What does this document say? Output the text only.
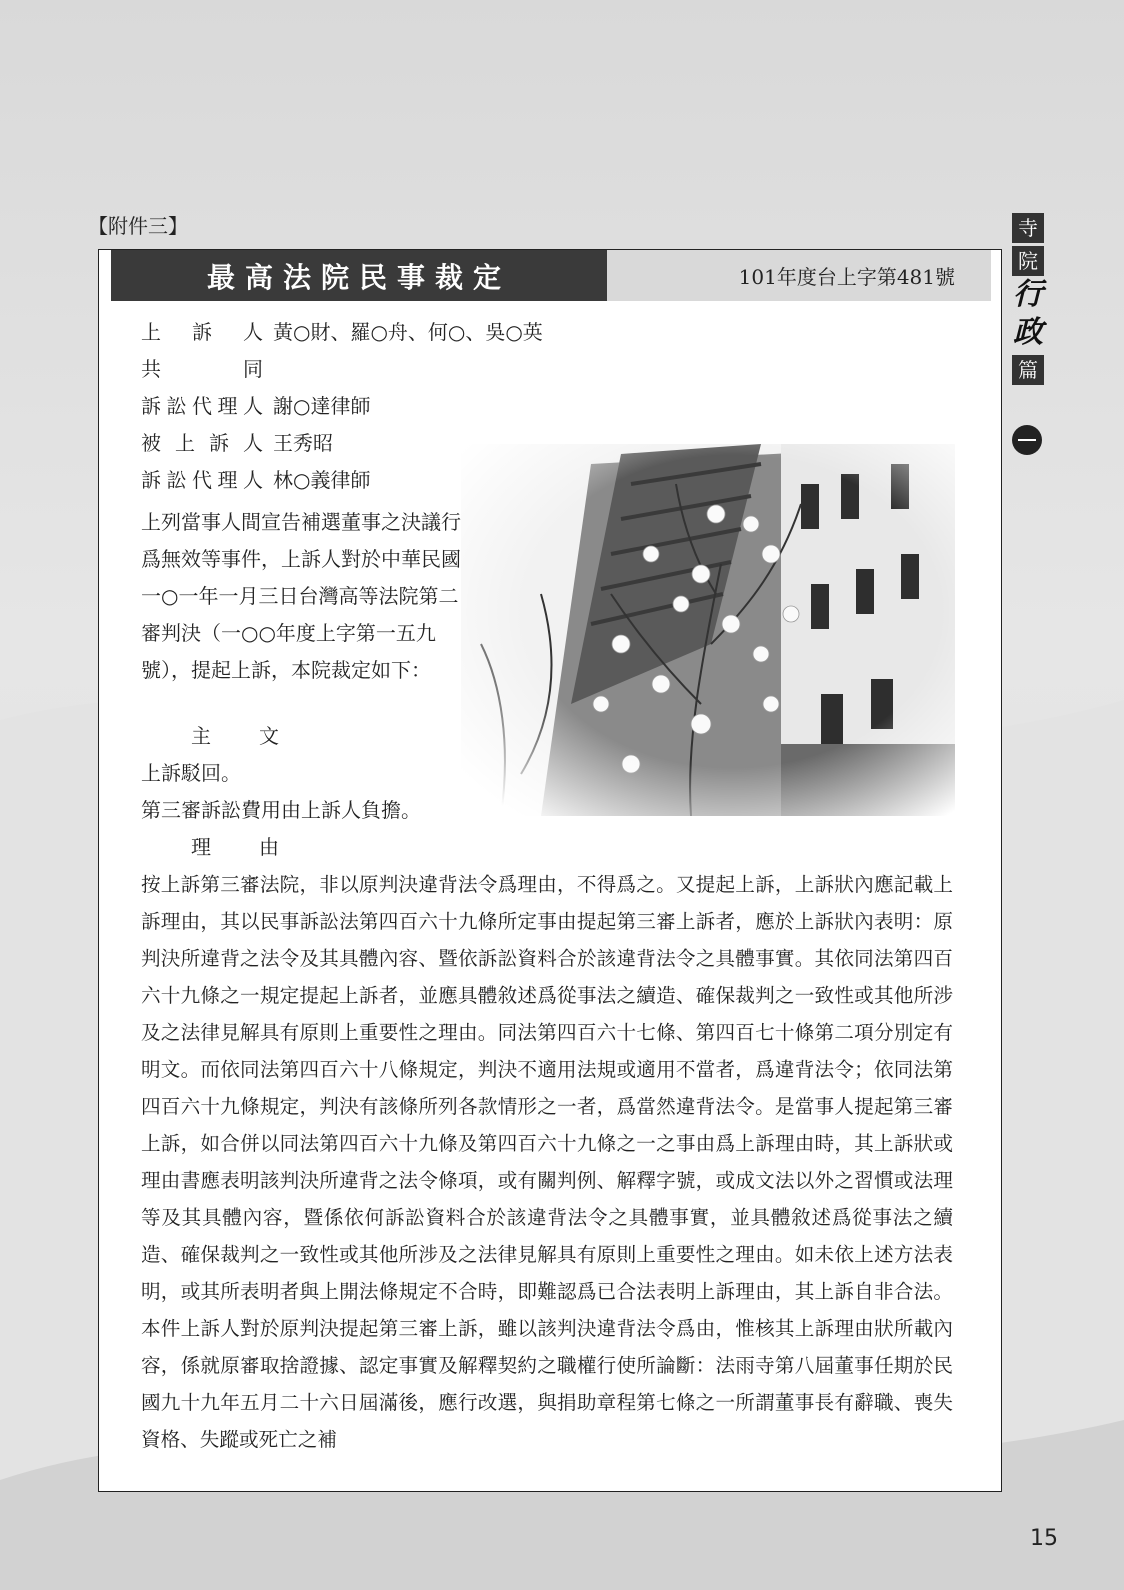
【附件三】
最高法院民事裁定	101年度台上字第481號
上 訴 人 黃○財、羅○舟、何○、吳○英
共　同
訴訟代理人 謝○達律師
被上訴人 王秀昭
訴訟代理人 林○義律師
上列當事人間宣告補選董事之決議行爲無效等事件，上訴人對於中華民國一○一年一月三日台灣高等法院第二審判決（一○○年度上字第一五九號），提起上訴，本院裁定如下：
主文
上訴駁回。
第三審訴訟費用由上訴人負擔。
理由
按上訴第三審法院，非以原判決違背法令爲理由，不得爲之。又提起上訴，上訴狀內應記載上訴理由，其以民事訴訟法第四百六十九條所定事由提起第三審上訴者，應於上訴狀內表明：原判決所違背之法令及其具體內容、暨依訴訟資料合於該違背法令之具體事實。其依同法第四百六十九條之一規定提起上訴者，並應具體敘述爲從事法之續造、確保裁判之一致性或其他所涉及之法律見解具有原則上重要性之理由。同法第四百六十七條、第四百七十條第二項分別定有明文。而依同法第四百六十八條規定，判決不適用法規或適用不當者，爲違背法令；依同法第四百六十九條規定，判決有該條所列各款情形之一者，爲當然違背法令。是當事人提起第三審上訴，如合併以同法第四百六十九條及第四百六十九條之一之事由爲上訴理由時，其上訴狀或理由書應表明該判決所違背之法令條項，或有關判例、解釋字號，或成文法以外之習慣或法理等及其具體內容，暨係依何訴訟資料合於該違背法令之具體事實，並具體敘述爲從事法之續造、確保裁判之一致性或其他所涉及之法律見解具有原則上重要性之理由。如未依上述方法表明，或其所表明者與上開法條規定不合時，即難認爲已合法表明上訴理由，其上訴自非合法。本件上訴人對於原判決提起第三審上訴，雖以該判決違背法令爲由，惟核其上訴理由狀所載內容，係就原審取捨證據、認定事實及解釋契約之職權行使所論斷：法雨寺第八屆董事任期於民國九十九年五月二十六日屆滿後，應行改選，與捐助章程第七條之一所謂董事長有辭職、喪失資格、失蹤或死亡之補
寺
院
行
政
篇
15
